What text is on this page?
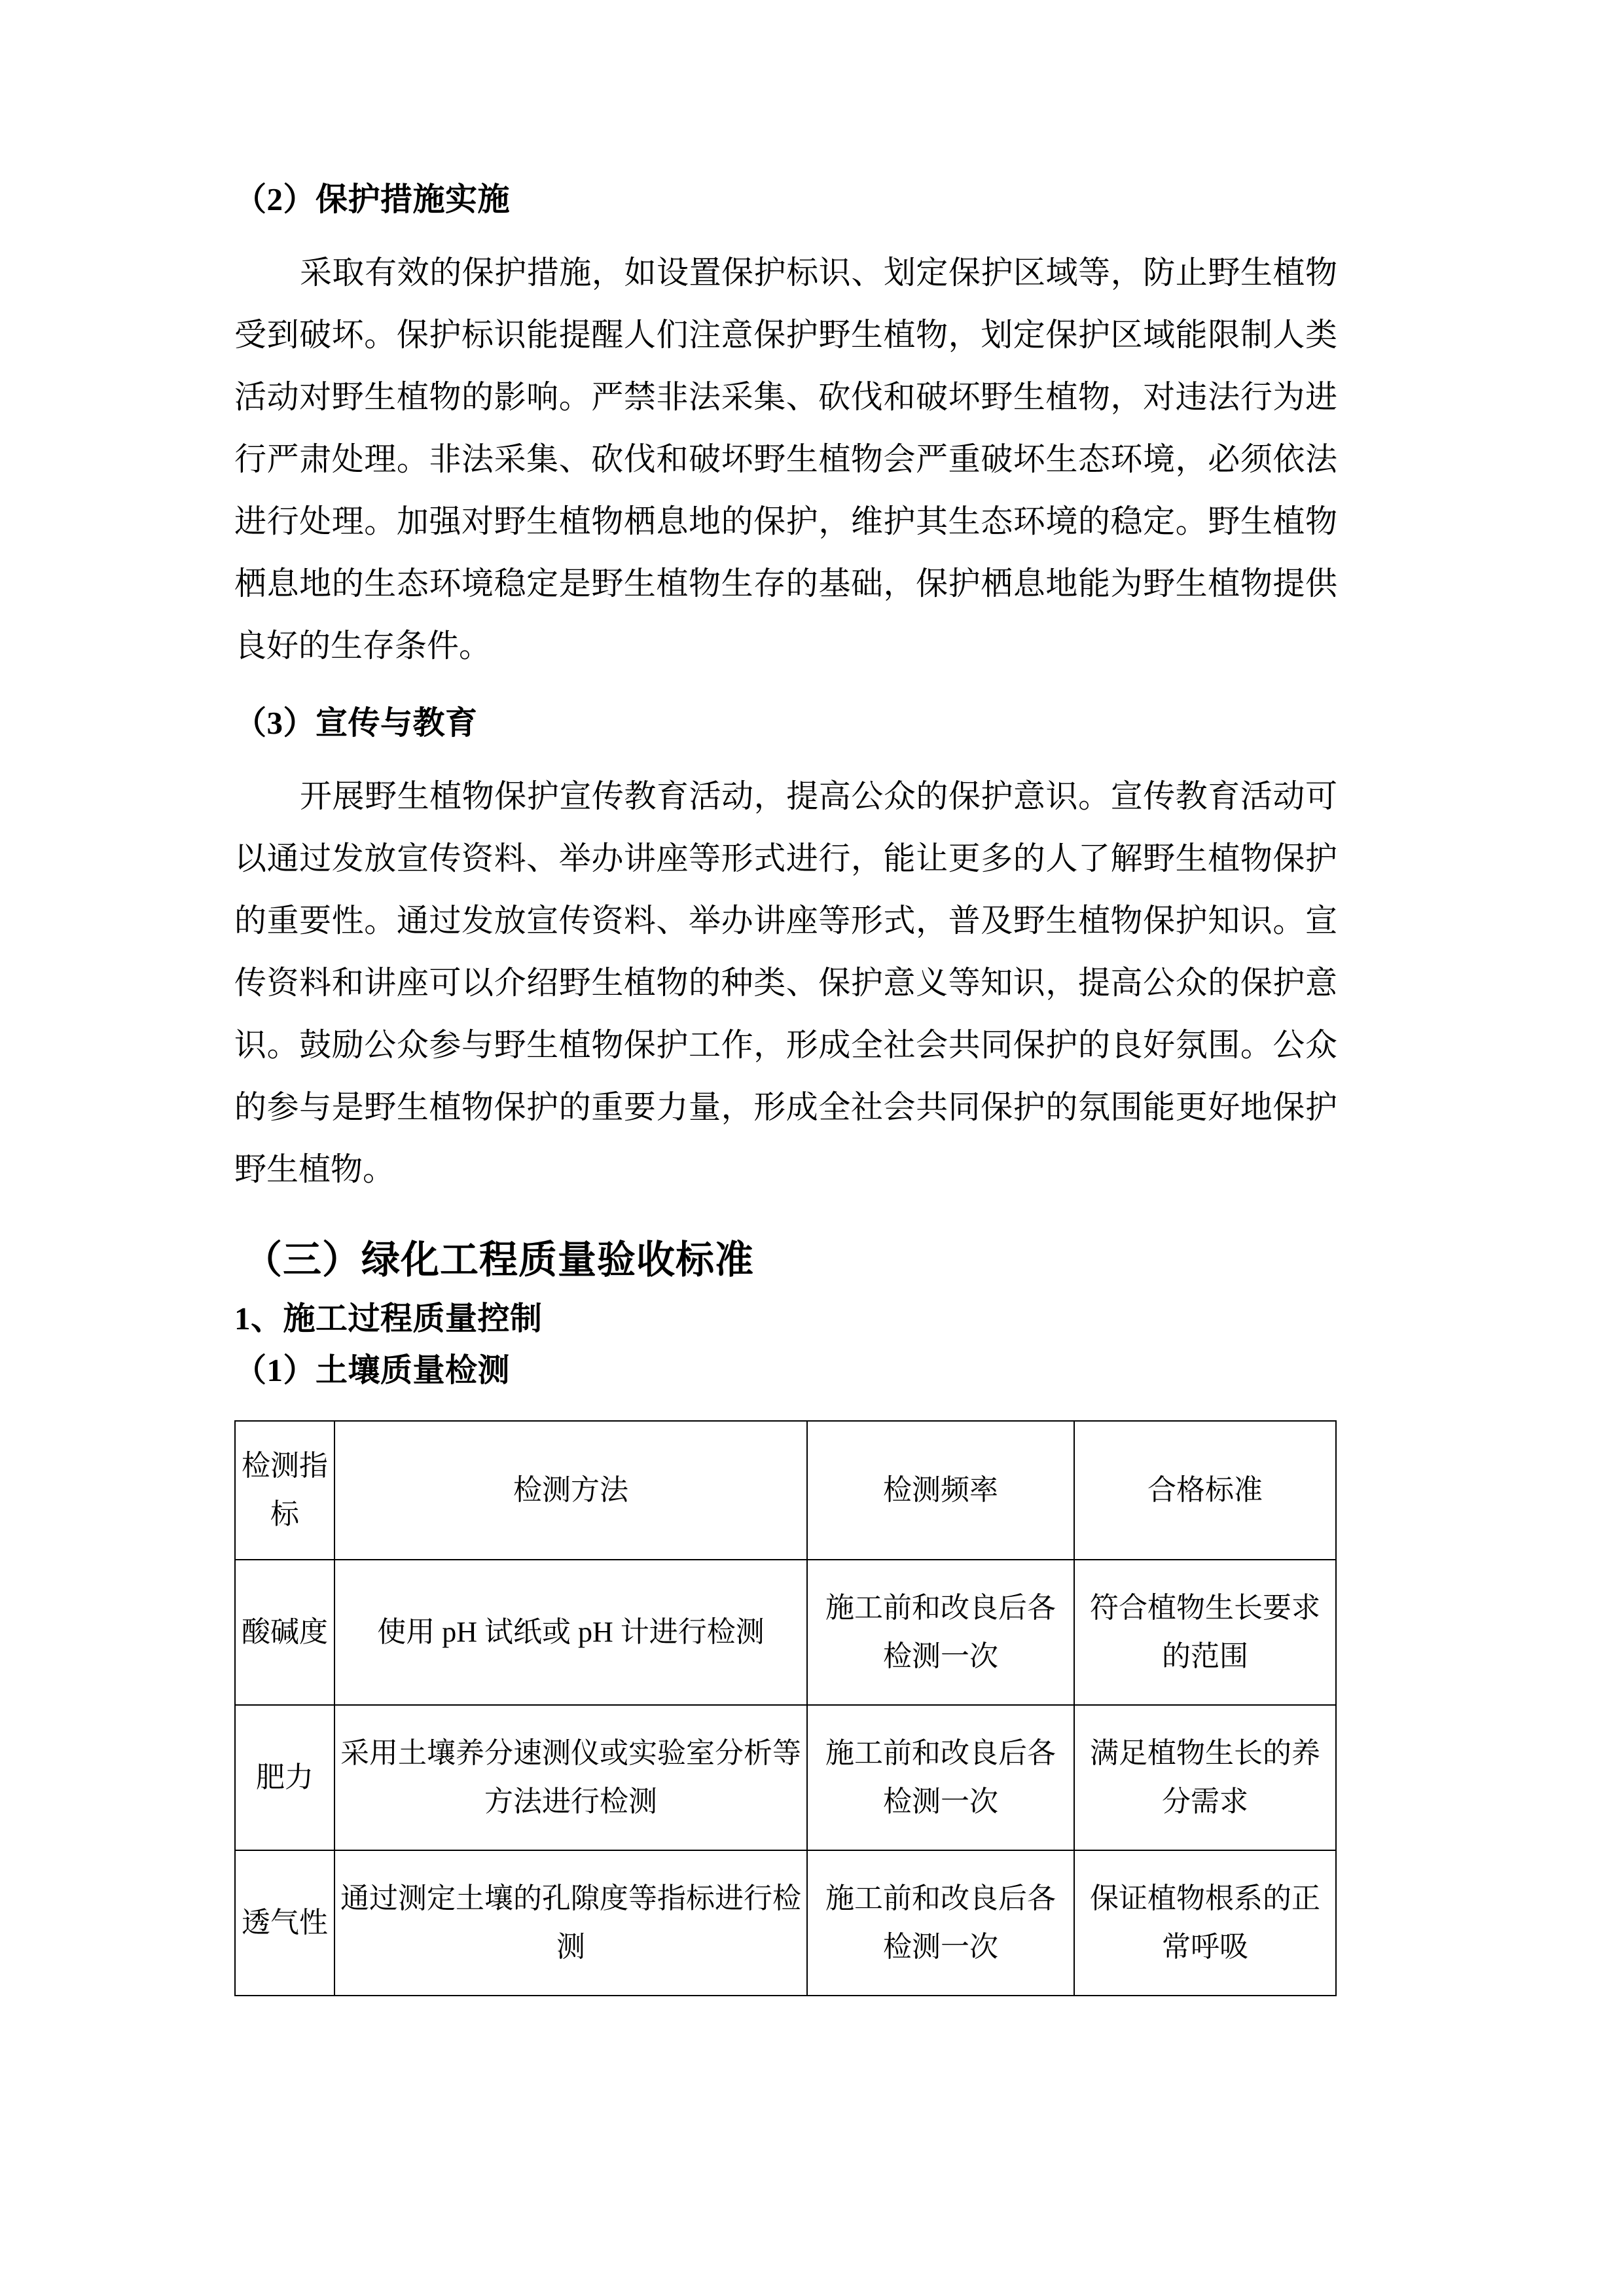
（2）保护措施实施

采取有效的保护措施，如设置保护标识、划定保护区域等，防止野生植物受到破坏。保护标识能提醒人们注意保护野生植物，划定保护区域能限制人类活动对野生植物的影响。严禁非法采集、砍伐和破坏野生植物，对违法行为进行严肃处理。非法采集、砍伐和破坏野生植物会严重破坏生态环境，必须依法进行处理。加强对野生植物栖息地的保护，维护其生态环境的稳定。野生植物栖息地的生态环境稳定是野生植物生存的基础，保护栖息地能为野生植物提供良好的生存条件。

（3）宣传与教育

开展野生植物保护宣传教育活动，提高公众的保护意识。宣传教育活动可以通过发放宣传资料、举办讲座等形式进行，能让更多的人了解野生植物保护的重要性。通过发放宣传资料、举办讲座等形式，普及野生植物保护知识。宣传资料和讲座可以介绍野生植物的种类、保护意义等知识，提高公众的保护意识。鼓励公众参与野生植物保护工作，形成全社会共同保护的良好氛围。公众的参与是野生植物保护的重要力量，形成全社会共同保护的氛围能更好地保护野生植物。

（三）绿化工程质量验收标准
1、施工过程质量控制
（1）土壤质量检测
检测指标	检测方法	检测频率	合格标准
酸碱度	使用 pH 试纸或 pH 计进行检测	施工前和改良后各检测一次	符合植物生长要求的范围
肥力	采用土壤养分速测仪或实验室分析等方法进行检测	施工前和改良后各检测一次	满足植物生长的养分需求
透气性	通过测定土壤的孔隙度等指标进行检测	施工前和改良后各检测一次	保证植物根系的正常呼吸
